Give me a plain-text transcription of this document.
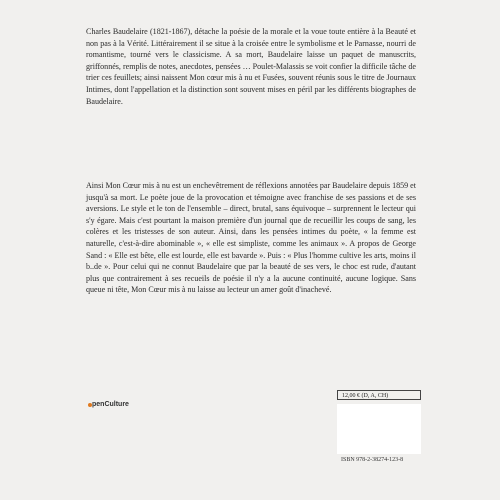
Charles Baudelaire (1821-1867), détache la poésie de la morale et la voue toute entière à la Beauté et non pas à la Vérité. Littérairement il se situe à la croisée entre le symbolisme et le Parnasse, nourri de romantisme, tourné vers le classicisme. A sa mort, Baudelaire laisse un paquet de manuscrits, griffonnés, remplis de notes, anecdotes, pensées … Poulet-Malassis se voit confier la difficile tâche de trier ces feuillets; ainsi naissent Mon cœur mis à nu et Fusées, souvent réunis sous le titre de Journaux Intimes, dont l'appellation et la distinction sont souvent mises en péril par les différents biographes de Baudelaire.

Ainsi Mon Cœur mis à nu est un enchevêtrement de réflexions annotées par Baudelaire depuis 1859 et jusqu'à sa mort. Le poète joue de la provocation et témoigne avec franchise de ses passions et de ses aversions. Le style et le ton de l'ensemble – direct, brutal, sans équivoque – surprennent le lecteur qui s'y égare. Mais c'est pourtant la maison première d'un journal que de recueillir les coups de sang, les colères et les tristesses de son auteur. Ainsi, dans les pensées intimes du poète, « la femme est naturelle, c'est-à-dire abominable », « elle est simpliste, comme les animaux ». A propos de George Sand : « Elle est bête, elle est lourde, elle est bavarde ». Puis : « Plus l'homme cultive les arts, moins il b..de ». Pour celui qui ne connut Baudelaire que par la beauté de ses vers, le choc est rude, d'autant plus que contrairement à ses recueils de poésie il n'y a la aucune continuité, aucune logique. Sans queue ni tête, Mon Cœur mis à nu laisse au lecteur un amer goût d'inachevé.

12,00 € (D, A, CH)
penCulture
ISBN 978-2-38274-123-8
